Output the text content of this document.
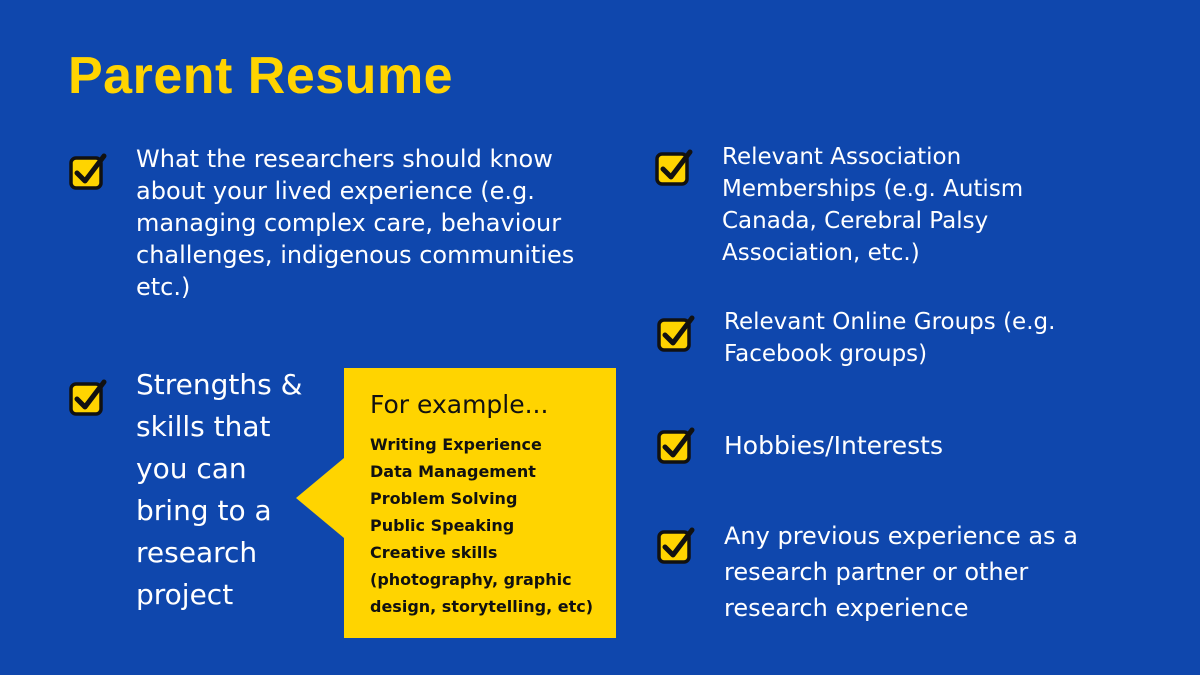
Parent Resume
What the researchers should know
about your lived experience (e.g.
managing complex care, behaviour
challenges, indigenous communities
etc.)
Strengths &
skills that
you can
bring to a
research
project
For example...
Writing Experience
Data Management
Problem Solving
Public Speaking
Creative skills
(photography, graphic
design, storytelling, etc)
Relevant Association
Memberships (e.g. Autism
Canada, Cerebral Palsy
Association, etc.)
Relevant Online Groups (e.g.
Facebook groups)
Hobbies/Interests
Any previous experience as a
research partner or other
research experience
